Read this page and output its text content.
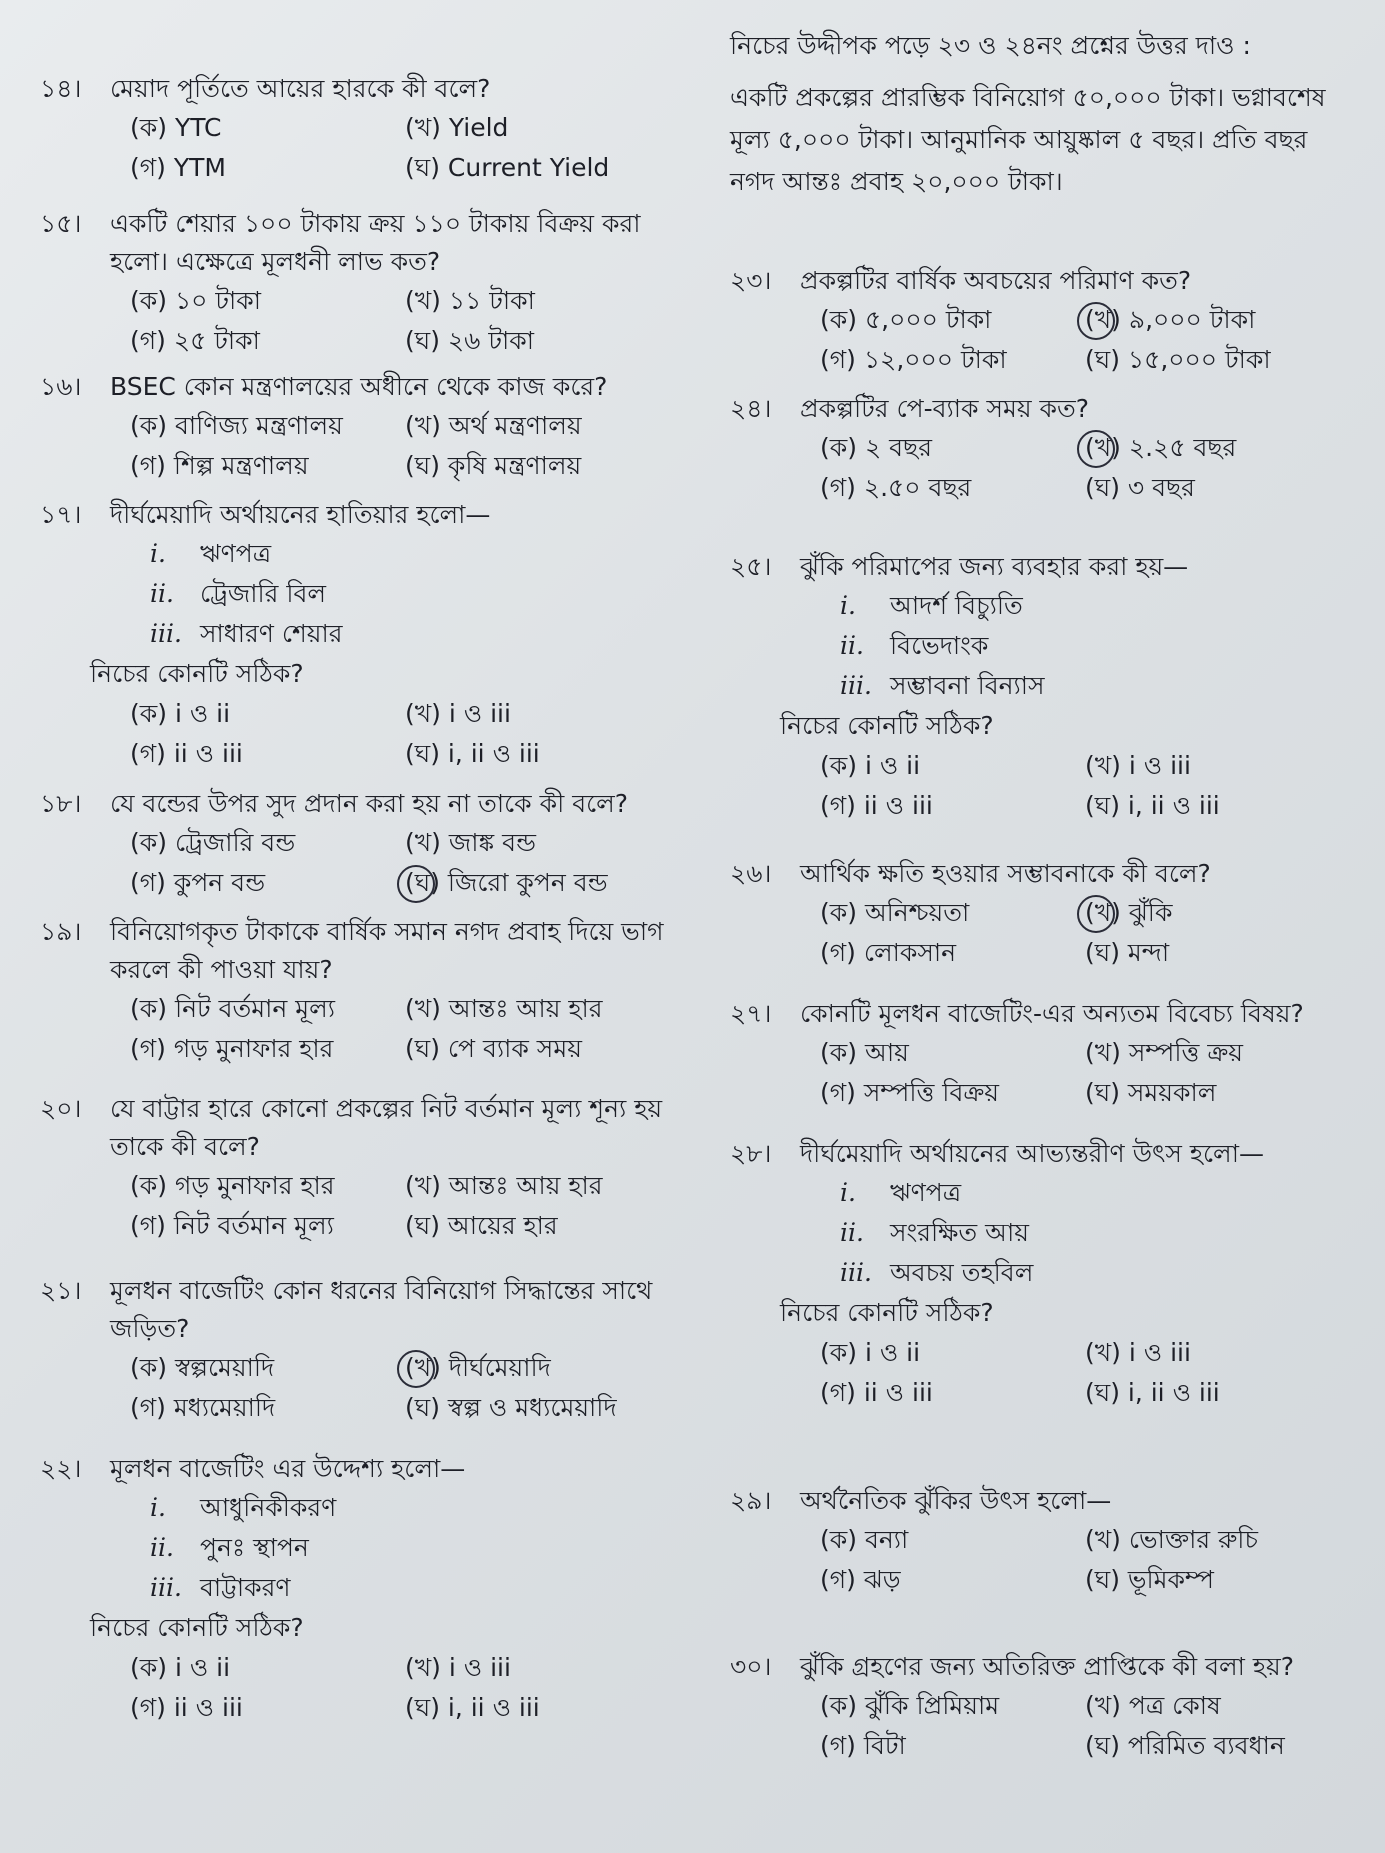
১৪।	মেয়াদ পূর্তিতে আয়ের হারকে কী বলে?
(ক) YTC	(খ) Yield
(গ) YTM	(ঘ) Current Yield
১৫।	একটি শেয়ার ১০০ টাকায় ক্রয় ১১০ টাকায় বিক্রয় করা হলো। এক্ষেত্রে মূলধনী লাভ কত?
(ক) ১০ টাকা	(খ) ১১ টাকা
(গ) ২৫ টাকা	(ঘ) ২৬ টাকা
১৬।	BSEC কোন মন্ত্রণালয়ের অধীনে থেকে কাজ করে?
(ক) বাণিজ্য মন্ত্রণালয়	(খ) অর্থ মন্ত্রণালয়
(গ) শিল্প মন্ত্রণালয়	(ঘ) কৃষি মন্ত্রণালয়
১৭।	দীর্ঘমেয়াদি অর্থায়নের হাতিয়ার হলো—
i.	ঋণপত্র
ii.	ট্রেজারি বিল
iii. সাধারণ শেয়ার
নিচের কোনটি সঠিক?
(ক) i ও ii	(খ) i ও iii
(গ) ii ও iii	(ঘ) i, ii ও iii
১৮।	যে বন্ডের উপর সুদ প্রদান করা হয় না তাকে কী বলে?
(ক) ট্রেজারি বন্ড	(খ) জাঙ্ক বন্ড
(গ) কুপন বন্ড	(ঘ) জিরো কুপন বন্ড
১৯।	বিনিয়োগকৃত টাকাকে বার্ষিক সমান নগদ প্রবাহ দিয়ে ভাগ করলে কী পাওয়া যায়?
(ক) নিট বর্তমান মূল্য	(খ) আন্তঃ আয় হার
(গ) গড় মুনাফার হার	(ঘ) পে ব্যাক সময়
২০।	যে বাট্টার হারে কোনো প্রকল্পের নিট বর্তমান মূল্য শূন্য হয় তাকে কী বলে?
(ক) গড় মুনাফার হার	(খ) আন্তঃ আয় হার
(গ) নিট বর্তমান মূল্য	(ঘ) আয়ের হার
২১।	মূলধন বাজেটিং কোন ধরনের বিনিয়োগ সিদ্ধান্তের সাথে জড়িত?
(ক) স্বল্পমেয়াদি	(খ) দীর্ঘমেয়াদি
(গ) মধ্যমেয়াদি	(ঘ) স্বল্প ও মধ্যমেয়াদি
২২।	মূলধন বাজেটিং এর উদ্দেশ্য হলো—
i.	আধুনিকীকরণ
ii.	পুনঃ স্থাপন
iii. বাট্টাকরণ
নিচের কোনটি সঠিক?
(ক) i ও ii	(খ) i ও iii
(গ) ii ও iii	(ঘ) i, ii ও iii

নিচের উদ্দীপক পড়ে ২৩ ও ২৪নং প্রশ্নের উত্তর দাও :

একটি প্রকল্পের প্রারম্ভিক বিনিয়োগ ৫০,০০০ টাকা। ভগ্নাবশেষ মূল্য ৫,০০০ টাকা। আনুমানিক আয়ুষ্কাল ৫ বছর। প্রতি বছর নগদ আন্তঃ প্রবাহ ২০,০০০ টাকা।

২৩।	প্রকল্পটির বার্ষিক অবচয়ের পরিমাণ কত?
(ক) ৫,০০০ টাকা	(খ) ৯,০০০ টাকা
(গ) ১২,০০০ টাকা	(ঘ) ১৫,০০০ টাকা
২৪।	প্রকল্পটির পে-ব্যাক সময় কত?
(ক) ২ বছর	(খ) ২.২৫ বছর
(গ) ২.৫০ বছর	(ঘ) ৩ বছর
২৫।	ঝুঁকি পরিমাপের জন্য ব্যবহার করা হয়—
i.	আদর্শ বিচ্যুতি
ii.	বিভেদাংক
iii. সম্ভাবনা বিন্যাস
নিচের কোনটি সঠিক?
(ক) i ও ii	(খ) i ও iii
(গ) ii ও iii	(ঘ) i, ii ও iii
২৬।	আর্থিক ক্ষতি হওয়ার সম্ভাবনাকে কী বলে?
(ক) অনিশ্চয়তা	(খ) ঝুঁকি
(গ) লোকসান	(ঘ) মন্দা
২৭।	কোনটি মূলধন বাজেটিং-এর অন্যতম বিবেচ্য বিষয়?
(ক) আয়	(খ) সম্পত্তি ক্রয়
(গ) সম্পত্তি বিক্রয়	(ঘ) সময়কাল
২৮।	দীর্ঘমেয়াদি অর্থায়নের আভ্যন্তরীণ উৎস হলো—
i.	ঋণপত্র
ii.	সংরক্ষিত আয়
iii. অবচয় তহবিল
নিচের কোনটি সঠিক?
(ক) i ও ii	(খ) i ও iii
(গ) ii ও iii	(ঘ) i, ii ও iii
২৯।	অর্থনৈতিক ঝুঁকির উৎস হলো—
(ক) বন্যা	(খ) ভোক্তার রুচি
(গ) ঝড়	(ঘ) ভূমিকম্প
৩০।	ঝুঁকি গ্রহণের জন্য অতিরিক্ত প্রাপ্তিকে কী বলা হয়?
(ক) ঝুঁকি প্রিমিয়াম	(খ) পত্র কোষ
(গ) বিটা	(ঘ) পরিমিত ব্যবধান
